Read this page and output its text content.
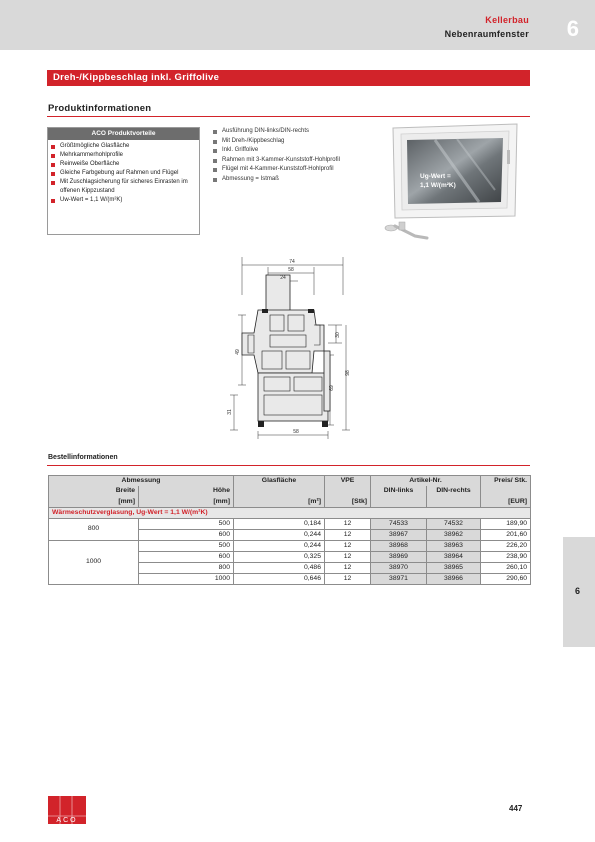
Kellerbau
Nebenraumfenster 6
Dreh-/Kippbeschlag inkl. Griffolive
Produktinformationen
ACO Produktvorteile
Größtmögliche Glasfläche
Mehrkammerhohlprofile
Reinweiße Oberfläche
Gleiche Farbgebung auf Rahmen und Flügel
Mit Zuschlagsicherung für sicheres Einrasten im offenen Kippzustand
Uw-Wert = 1,1 W/(m²K)
Ausführung DIN-links/DIN-rechts
Mit Dreh-/Kippbeschlag
Inkl. Griffolive
Rahmen mit 3-Kammer-Kunststoff-Hohlprofil
Flügel mit 4-Kammer-Kunststoff-Hohlprofil
Abmessung = Istmaß	Ug-Wert =
1,1 W/(m²K)
74
58
24
30
49
98
69
31
58
Bestellinformationen
Abmessung		Glasfläche	VPE	Artikel-Nr.		Preis/ Stk.
Breite	Höhe			DIN-links	DIN-rechts	
[mm]	[mm]	[m²]	[Stk]			[EUR]
Wärmeschutzverglasung, Ug-Wert = 1,1 W/(m²K)						
800	500	0,184	12	74533	74532	189,90
	600	0,244	12	38967	38962	201,60
1000	500	0,244	12	38968	38963	226,20
	600	0,325	12	38969	38964	238,90
	800	0,486	12	38970	38965	260,10
	1000	0,646	12	38971	38966	290,60
6
ACO
447
